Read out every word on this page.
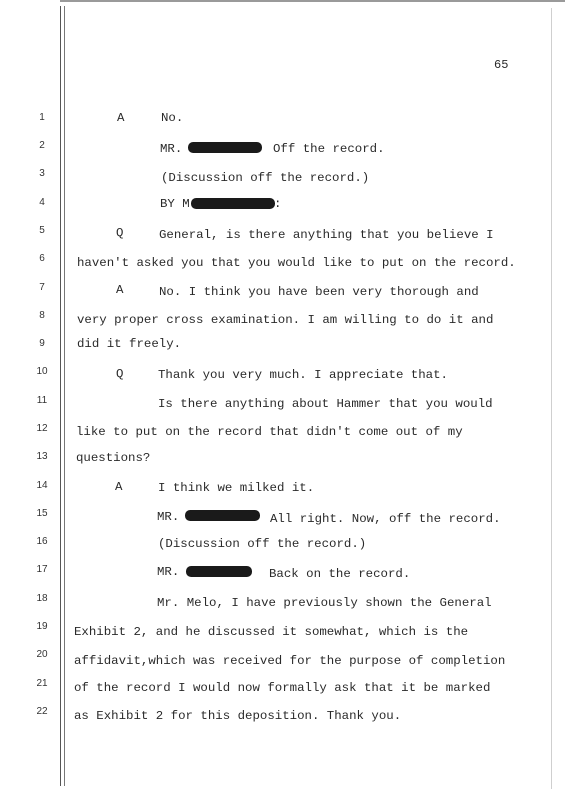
65
1
2
3
4
5
6
7
8
9
10
11
12
13
14
15
16
17
18
19
20
21
22
A	No.
MR.	Off the record.
(Discussion off the record.)
BY M	:
Q	General, is there anything that you believe I
haven't asked you that you would like to put on the record.
A	No. I think you have been very thorough and
very proper cross examination. I am willing to do it and
did it freely.
Q	Thank you very much. I appreciate that.
Is there anything about Hammer that you would
like to put on the record that didn't come out of my
questions?
A	I think we milked it.
MR.	All right. Now, off the record.
(Discussion off the record.)
MR.	Back on the record.
Mr. Melo, I have previously shown the General
Exhibit 2, and he discussed it somewhat, which is the
affidavit,which was received for the purpose of completion
of the record I would now formally ask that it be marked
as Exhibit 2 for this deposition. Thank you.
